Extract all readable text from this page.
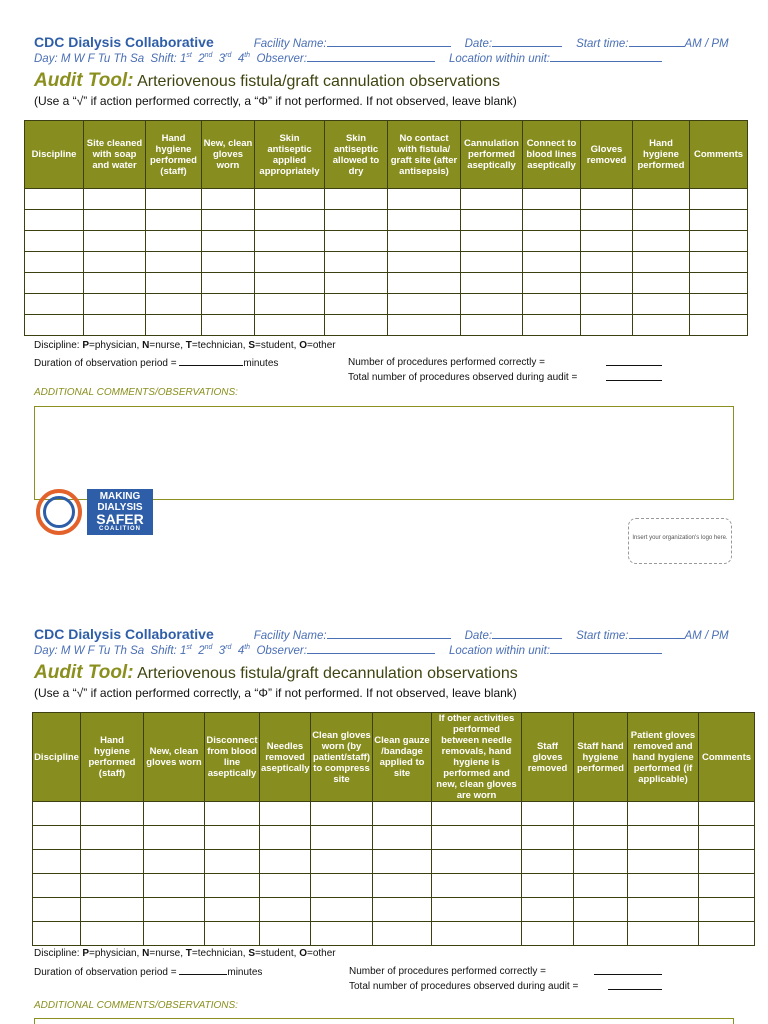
CDC Dialysis Collaborative	Facility Name:	Date:	Start time:	AM / PM
Day: M W F Tu Th Sa Shift: 1st 2nd 3rd 4th Observer:	Location within unit:
Audit Tool: Arteriovenous fistula/graft cannulation observations
(Use a “√” if action performed correctly, a “Φ” if not performed. If not observed, leave blank)
Discipline	Site cleaned with soap and water	Hand hygiene performed (staff)	New, clean gloves worn	Skin antiseptic applied appropriately	Skin antiseptic allowed to dry	No contact with fistula/ graft site (after antisepsis)	Cannulation performed aseptically	Connect to blood lines aseptically	Gloves removed	Hand hygiene performed	Comments

Discipline: P=physician, N=nurse, T=technician, S=student, O=other
Duration of observation period =	minutes	Number of procedures performed correctly =
Total number of procedures observed during audit =
ADDITIONAL COMMENTS/OBSERVATIONS:
MAKING
DIALYSIS
SAFER
COALITION
Insert your organization's logo here.
CDC Dialysis Collaborative	Facility Name:	Date:	Start time:	AM / PM
Day: M W F Tu Th Sa Shift: 1st 2nd 3rd 4th Observer:	Location within unit:
Audit Tool: Arteriovenous fistula/graft decannulation observations
(Use a “√” if action performed correctly, a “Φ” if not performed. If not observed, leave blank)
Discipline	Hand hygiene performed (staff)	New, clean gloves worn	Disconnect from blood line aseptically	Needles removed aseptically	Clean gloves worn (by patient/staff) to compress site	Clean gauze /bandage applied to site	If other activities performed between needle removals, hand hygiene is performed and new, clean gloves are worn	Staff gloves removed	Staff hand hygiene performed	Patient gloves removed and hand hygiene performed (if applicable)	Comments

Discipline: P=physician, N=nurse, T=technician, S=student, O=other
Duration of observation period =	minutes	Number of procedures performed correctly =
Total number of procedures observed during audit =
ADDITIONAL COMMENTS/OBSERVATIONS:
